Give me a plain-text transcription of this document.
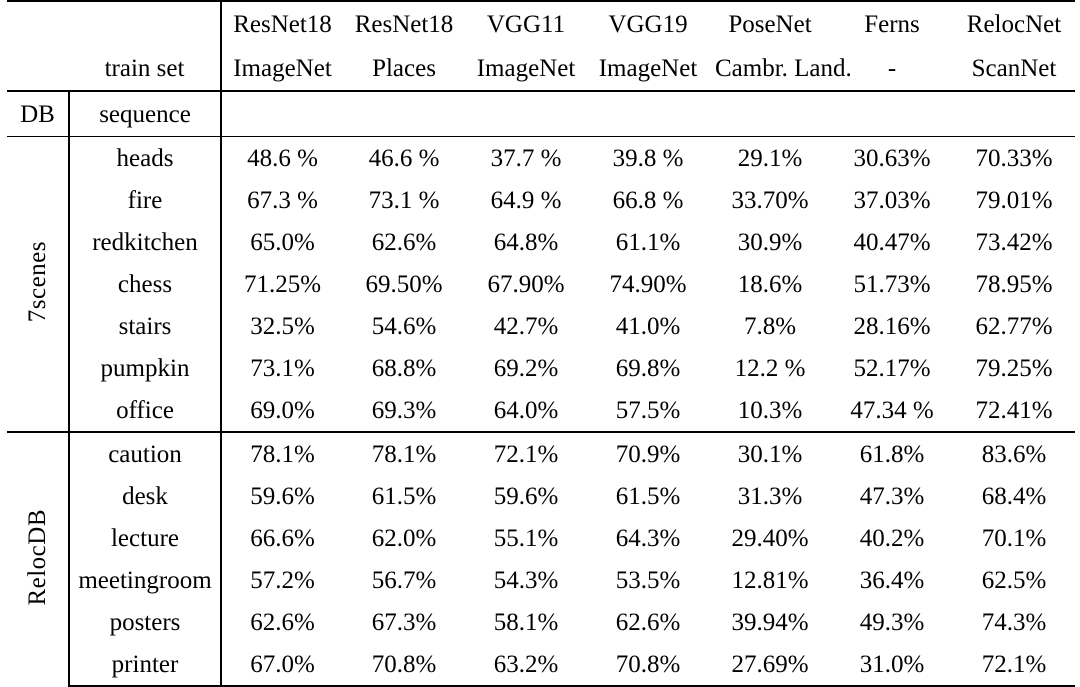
		ResNet18	ResNet18	VGG11	VGG19	PoseNet	Ferns	RelocNet
	train set	ImageNet	Places	ImageNet	ImageNet	Cambr. Land.	-	ScanNet
DB	sequence							
7scenes	heads	48.6 %	46.6 %	37.7 %	39.8 %	29.1%	30.63%	70.33%
	fire	67.3 %	73.1 %	64.9 %	66.8 %	33.70%	37.03%	79.01%
	redkitchen	65.0%	62.6%	64.8%	61.1%	30.9%	40.47%	73.42%
	chess	71.25%	69.50%	67.90%	74.90%	18.6%	51.73%	78.95%
	stairs	32.5%	54.6%	42.7%	41.0%	7.8%	28.16%	62.77%
	pumpkin	73.1%	68.8%	69.2%	69.8%	12.2 %	52.17%	79.25%
	office	69.0%	69.3%	64.0%	57.5%	10.3%	47.34 %	72.41%
RelocDB	caution	78.1%	78.1%	72.1%	70.9%	30.1%	61.8%	83.6%
	desk	59.6%	61.5%	59.6%	61.5%	31.3%	47.3%	68.4%
	lecture	66.6%	62.0%	55.1%	64.3%	29.40%	40.2%	70.1%
	meetingroom	57.2%	56.7%	54.3%	53.5%	12.81%	36.4%	62.5%
	posters	62.6%	67.3%	58.1%	62.6%	39.94%	49.3%	74.3%
	printer	67.0%	70.8%	63.2%	70.8%	27.69%	31.0%	72.1%
